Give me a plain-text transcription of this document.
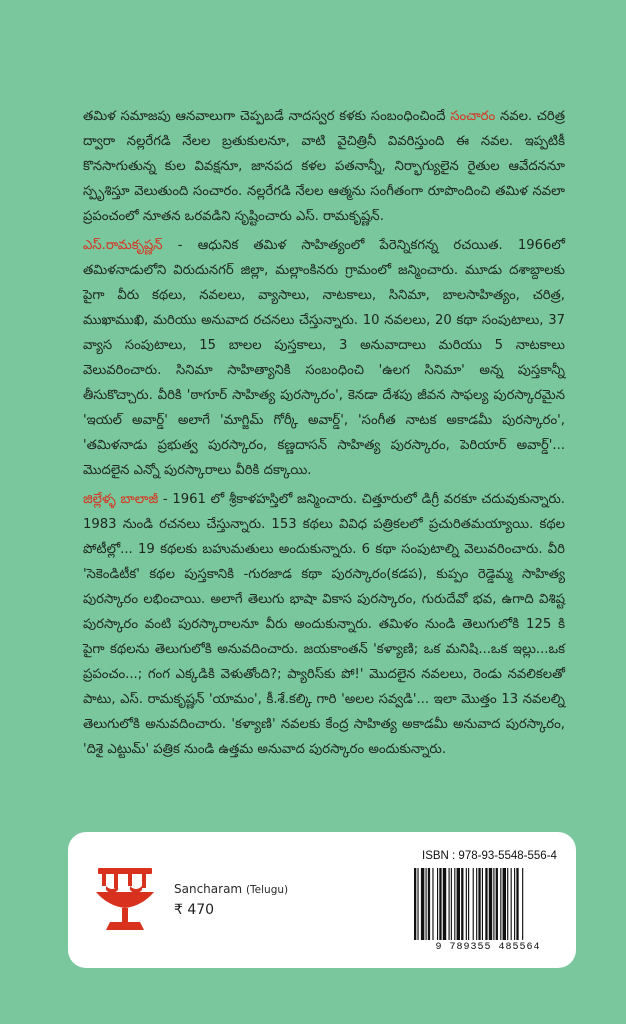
తమిళ సమాజపు ఆనవాలుగా చెప్పబడే నాదస్వర కళకు సంబంధించిందే సంచారం నవల. చరిత్ర ద్వారా నల్లరేగడి నేలల బ్రతుకులనూ, వాటి వైచిత్రినీ వివరిస్తుంది ఈ నవల. ఇప్పటికీ కొనసాగుతున్న కుల వివక్షనూ, జానపద కళల పతనాన్నీ, నిర్భాగ్యులైన రైతుల ఆవేదననూ స్పృశిస్తూ వెలుతుంది సంచారం. నల్లరేగడి నేలల ఆత్మను సంగీతంగా రూపొందించి తమిళ నవలా ప్రపంచంలో నూతన ఒరవడిని సృష్టించారు ఎస్. రామకృష్ణన్.

ఎస్.రామకృష్ణన్ - ఆధునిక తమిళ సాహిత్యంలో పేరెన్నికగన్న రచయిత. 1966లో తమిళనాడులోని విరుదునగర్ జిల్లా, మల్లాంకినరు గ్రామంలో జన్మించారు. మూడు దశాబ్దాలకు పైగా వీరు కథలు, నవలలు, వ్యాసాలు, నాటకాలు, సినిమా, బాలసాహిత్యం, చరిత్ర, ముఖాముఖి, మరియు అనువాద రచనలు చేస్తున్నారు. 10 నవలలు, 20 కథా సంపుటాలు, 37 వ్యాస సంపుటాలు, 15 బాలల పుస్తకాలు, 3 అనువాదాలు మరియు 5 నాటకాలు వెలువరించారు. సినిమా సాహిత్యానికి సంబంధించి 'ఉలగ సినిమా' అన్న పుస్తకాన్నీ తీసుకొచ్చారు. వీరికి 'ఠాగూర్ సాహిత్య పురస్కారం', కెనడా దేశపు జీవన సాఫల్య పురస్కారమైన 'ఇయల్ అవార్డ్' అలాగే 'మాగ్జిమ్ గోర్కీ అవార్డ్', 'సంగీత నాటక అకాడమీ పురస్కారం', 'తమిళనాడు ప్రభుత్వ పురస్కారం, కణ్ణదాసన్ సాహిత్య పురస్కారం, పెరియార్ అవార్డ్'... మొదలైన ఎన్నో పురస్కారాలు వీరికి దక్కాయి.

జిల్లేళ్ళ బాలాజీ - 1961 లో శ్రీకాళహస్తిలో జన్మించారు. చిత్తూరులో డిగ్రీ వరకూ చదువుకున్నారు. 1983 నుండి రచనలు చేస్తున్నారు. 153 కథలు వివిధ పత్రికలలో ప్రచురితమయ్యాయి. కథల పోటీల్లో... 19 కథలకు బహుమతులు అందుకున్నారు. 6 కథా సంపుటాల్ని వెలువరించారు. వీరి 'సెకెండిటీక' కథల పుస్తకానికి -గురజాడ కథా పురస్కారం(కడప), కుప్పం రెడ్డెమ్మ సాహిత్య పురస్కారం లభించాయి. అలాగే తెలుగు భాషా వికాస పురస్కారం, గురుదేవో భవ, ఉగాది విశిష్ట పురస్కారం వంటి పురస్కారాలనూ వీరు అందుకున్నారు. తమిళం నుండి తెలుగులోకి 125 కి పైగా కథలను తెలుగులోకి అనువదించారు. జయకాంతన్ 'కళ్యాణి; ఒక మనిషి...ఒక ఇల్లు...ఒక ప్రపంచం...; గంగ ఎక్కడికి వెళుతోంది?; ప్యారిస్‌కు పో!' మొదలైన నవలలు, రెండు నవలికలతో పాటు, ఎస్. రామకృష్ణన్ 'యామం', కీ.శే.కల్కి గారి 'అలల సవ్వడి'... ఇలా మొత్తం 13 నవలల్ని తెలుగులోకి అనువదించారు. 'కళ్యాణి' నవలకు కేంద్ర సాహిత్య అకాడమీ అనువాద పురస్కారం, 'దిశై ఎట్టుమ్' పత్రిక నుండి ఉత్తమ అనువాద పురస్కారం అందుకున్నారు.

Sancharam (Telugu)
₹ 470
ISBN : 978-93-5548-556-4
9 789355 485564
